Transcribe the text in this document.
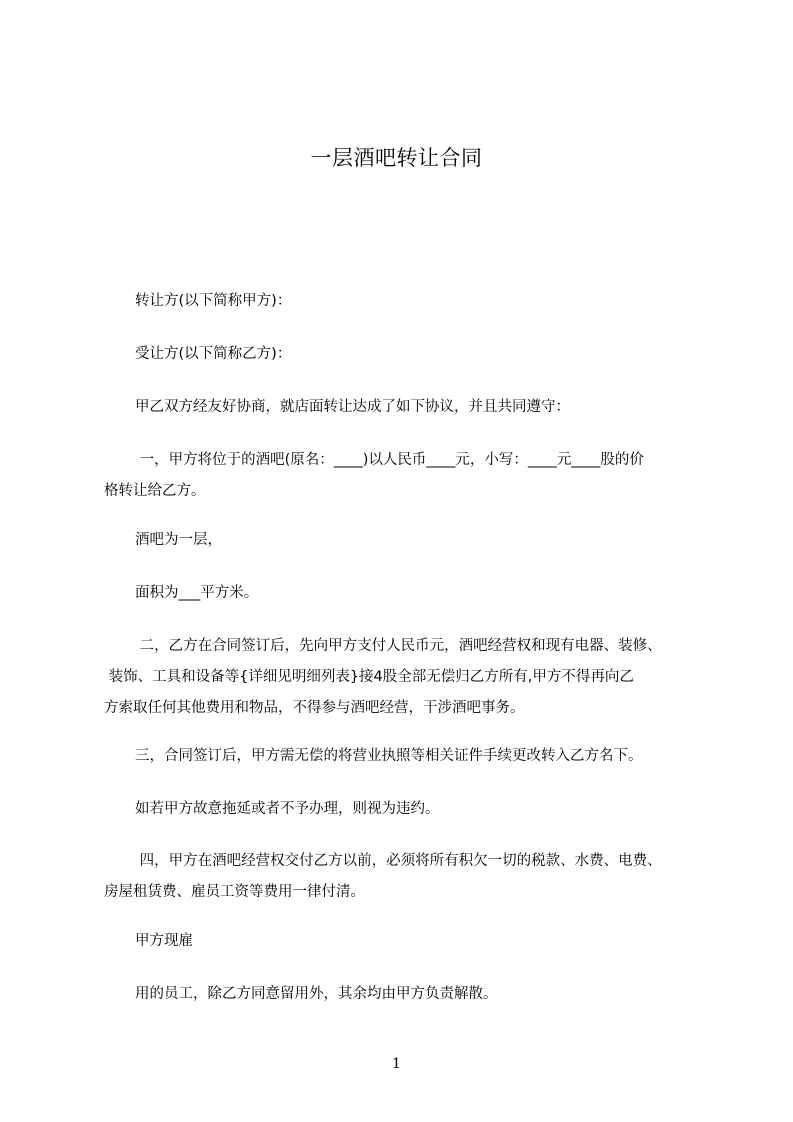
一层酒吧转让合同

转让方(以下简称甲方)：

受让方(以下简称乙方)：

甲乙双方经友好协商，就店面转让达成了如下协议，并且共同遵守：

一，甲方将位于的酒吧(原名：____)以人民币____元，小写：____元____股的价
格转让给乙方。

酒吧为一层，

面积为___平方米。

二，乙方在合同签订后，先向甲方支付人民币元，酒吧经营权和现有电器、装修、
装饰、工具和设备等{详细见明细列表}接4股全部无偿归乙方所有,甲方不得再向乙
方索取任何其他费用和物品，不得参与酒吧经营，干涉酒吧事务。

三，合同签订后，甲方需无偿的将营业执照等相关证件手续更改转入乙方名下。

如若甲方故意拖延或者不予办理，则视为违约。

四，甲方在酒吧经营权交付乙方以前，必须将所有积欠一切的税款、水费、电费、
房屋租赁费、雇员工资等费用一律付清。

甲方现雇

用的员工，除乙方同意留用外，其余均由甲方负责解散。

1
